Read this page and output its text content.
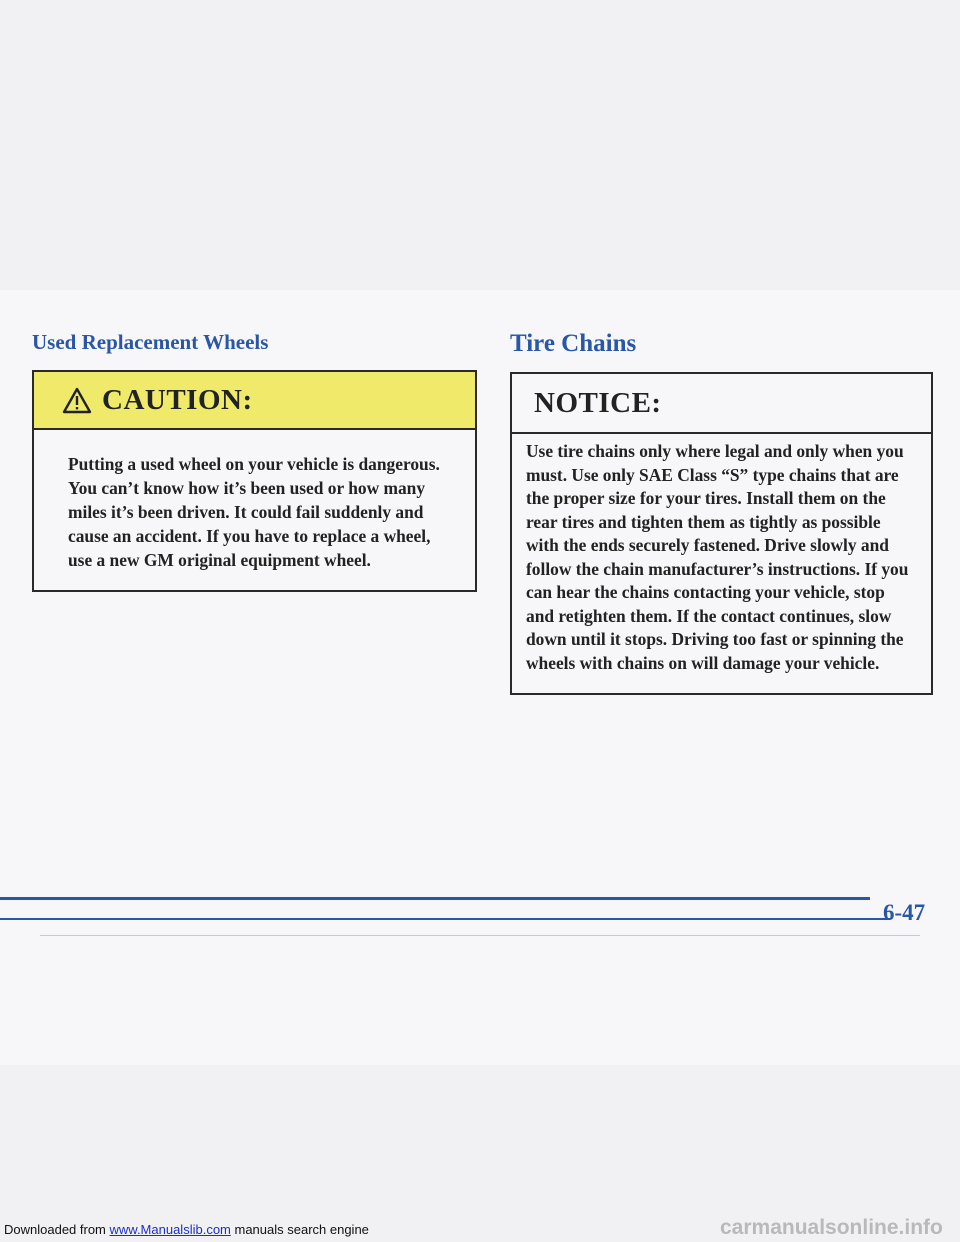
Used Replacement Wheels
CAUTION:

Putting a used wheel on your vehicle is dangerous. You can’t know how it’s been used or how many miles it’s been driven. It could fail suddenly and cause an accident. If you have to replace a wheel, use a new GM original equipment wheel.

Tire Chains
NOTICE:

Use tire chains only where legal and only when you must. Use only SAE Class “S” type chains that are the proper size for your tires. Install them on the rear tires and tighten them as tightly as possible with the ends securely fastened. Drive slowly and follow the chain manufacturer’s instructions. If you can hear the chains contacting your vehicle, stop and retighten them. If the contact continues, slow down until it stops. Driving too fast or spinning the wheels with chains on will damage your vehicle.

6-47
Downloaded from www.Manualslib.com manuals search engine	carmanualsonline.info
